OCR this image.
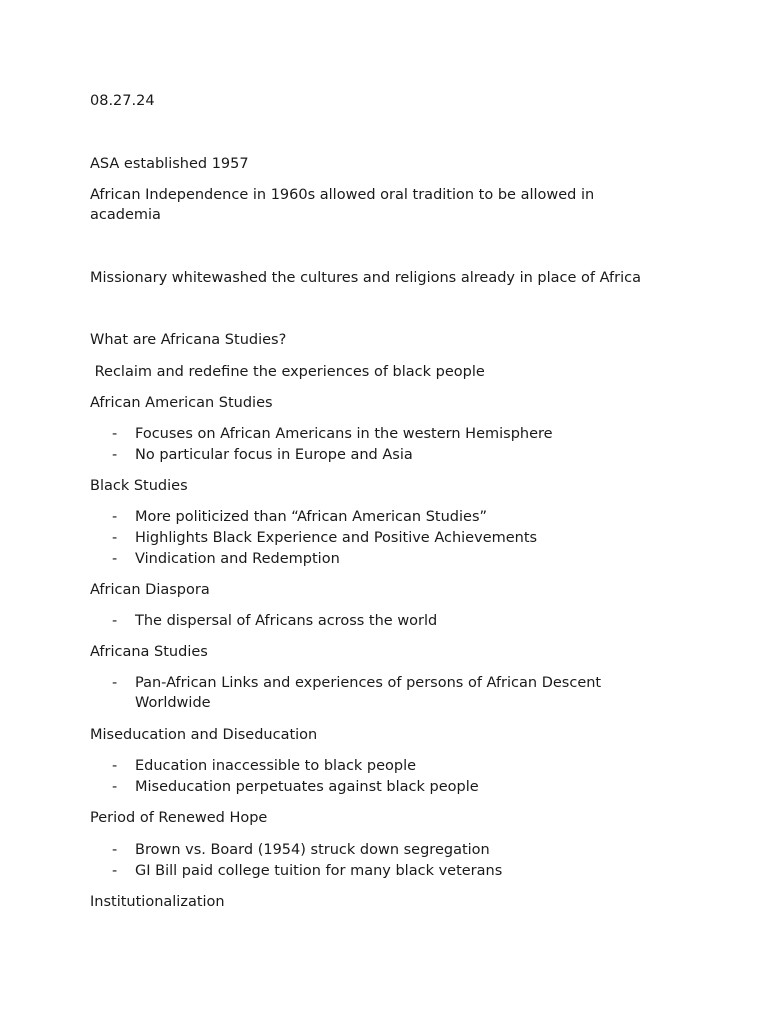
08.27.24
ASA established 1957
African Independence in 1960s allowed oral tradition to be allowed in academia
Missionary whitewashed the cultures and religions already in place of Africa
What are Africana Studies?
Reclaim and redefine the experiences of black people
African American Studies
- Focuses on African Americans in the western Hemisphere
- No particular focus in Europe and Asia
Black Studies
- More politicized than “African American Studies”
- Highlights Black Experience and Positive Achievements
- Vindication and Redemption
African Diaspora
- The dispersal of Africans across the world
Africana Studies
- Pan-African Links and experiences of persons of African Descent Worldwide
Miseducation and Diseducation
- Education inaccessible to black people
- Miseducation perpetuates against black people
Period of Renewed Hope
- Brown vs. Board (1954) struck down segregation
- GI Bill paid college tuition for many black veterans
Institutionalization
